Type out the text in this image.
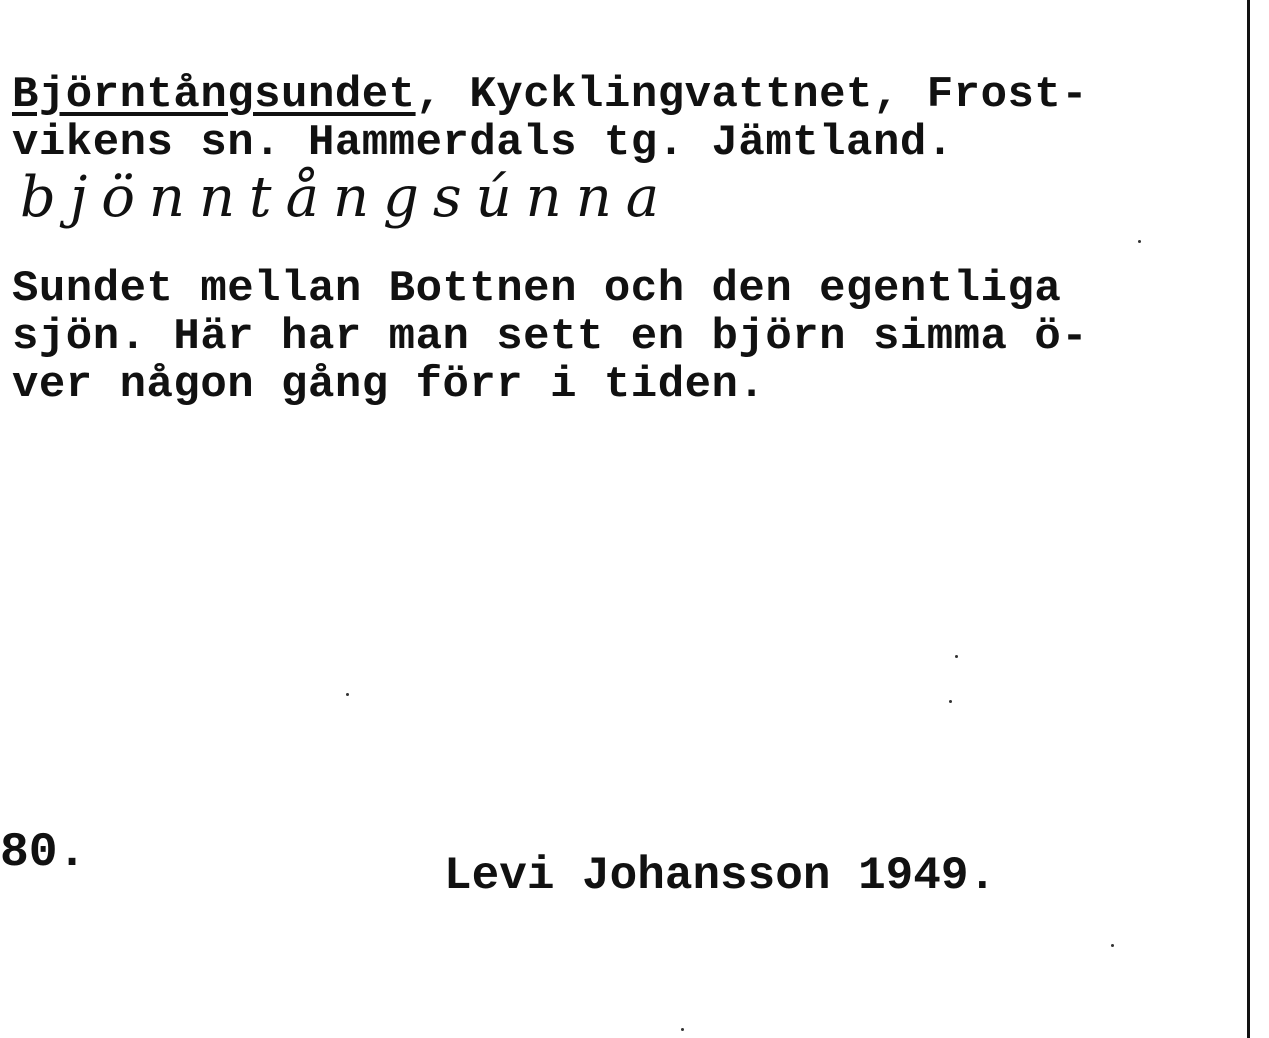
Björntångsundet, Kycklingvattnet, Frost-
vikens sn. Hammerdals tg. Jämtland.
bjönntångsúnna
Sundet mellan Bottnen och den egentliga
sjön. Här har man sett en björn simma ö-
ver någon gång förr i tiden.
80.	Levi Johansson 1949.
